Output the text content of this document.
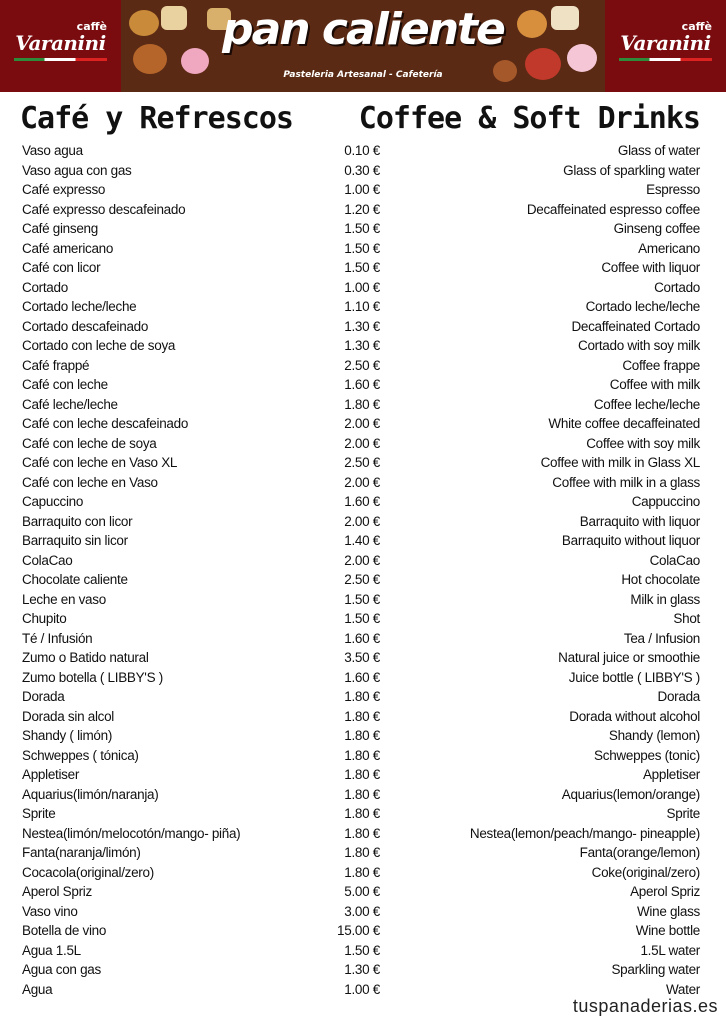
caffè
Varanini	pan caliente
Pasteleria Artesanal - Cafetería
caffè
Varanini
Café y Refrescos Coffee & Soft Drinks
Vaso agua	0.10 €	Glass of water
Vaso agua con gas	0.30 €	Glass of sparkling water
Café expresso	1.00 €	Espresso
Café expresso descafeinado	1.20 €	Decaffeinated espresso coffee
Café ginseng	1.50 €	Ginseng coffee
Café americano	1.50 €	Americano
Café con licor	1.50 €	Coffee with liquor
Cortado	1.00 €	Cortado
Cortado leche/leche	1.10 €	Cortado leche/leche
Cortado descafeinado	1.30 €	Decaffeinated Cortado
Cortado con leche de soya	1.30 €	Cortado with soy milk
Café frappé	2.50 €	Coffee frappe
Café con leche	1.60 €	Coffee with milk
Café leche/leche	1.80 €	Coffee leche/leche
Café con leche descafeinado	2.00 €	White coffee decaffeinated
Café con leche de soya	2.00 €	Coffee with soy milk
Café con leche en Vaso XL	2.50 €	Coffee with milk in Glass XL
Café con leche en Vaso	2.00 €	Coffee with milk in a glass
Capuccino	1.60 €	Cappuccino
Barraquito con licor	2.00 €	Barraquito with liquor
Barraquito sin licor	1.40 €	Barraquito without liquor
ColaCao	2.00 €	ColaCao
Chocolate caliente	2.50 €	Hot chocolate
Leche en vaso	1.50 €	Milk in glass
Chupito	1.50 €	Shot
Té / Infusión	1.60 €	Tea / Infusion
Zumo o Batido natural	3.50 €	Natural juice or smoothie
Zumo botella ( LIBBY'S )	1.60 €	Juice bottle ( LIBBY'S )
Dorada	1.80 €	Dorada
Dorada sin alcol	1.80 €	Dorada without alcohol
Shandy ( limón)	1.80 €	Shandy (lemon)
Schweppes ( tónica)	1.80 €	Schweppes (tonic)
Appletiser	1.80 €	Appletiser
Aquarius(limón/naranja)	1.80 €	Aquarius(lemon/orange)
Sprite	1.80 €	Sprite
Nestea(limón/melocotón/mango- piña)	1.80 €	Nestea(lemon/peach/mango- pineapple)
Fanta(naranja/limón)	1.80 €	Fanta(orange/lemon)
Cocacola(original/zero)	1.80 €	Coke(original/zero)
Aperol Spriz	5.00 €	Aperol Spriz
Vaso vino	3.00 €	Wine glass
Botella de vino	15.00 €	Wine bottle
Agua 1.5L	1.50 €	1.5L water
Agua con gas	1.30 €	Sparkling water
Agua	1.00 €	Water
tuspanaderias.es
